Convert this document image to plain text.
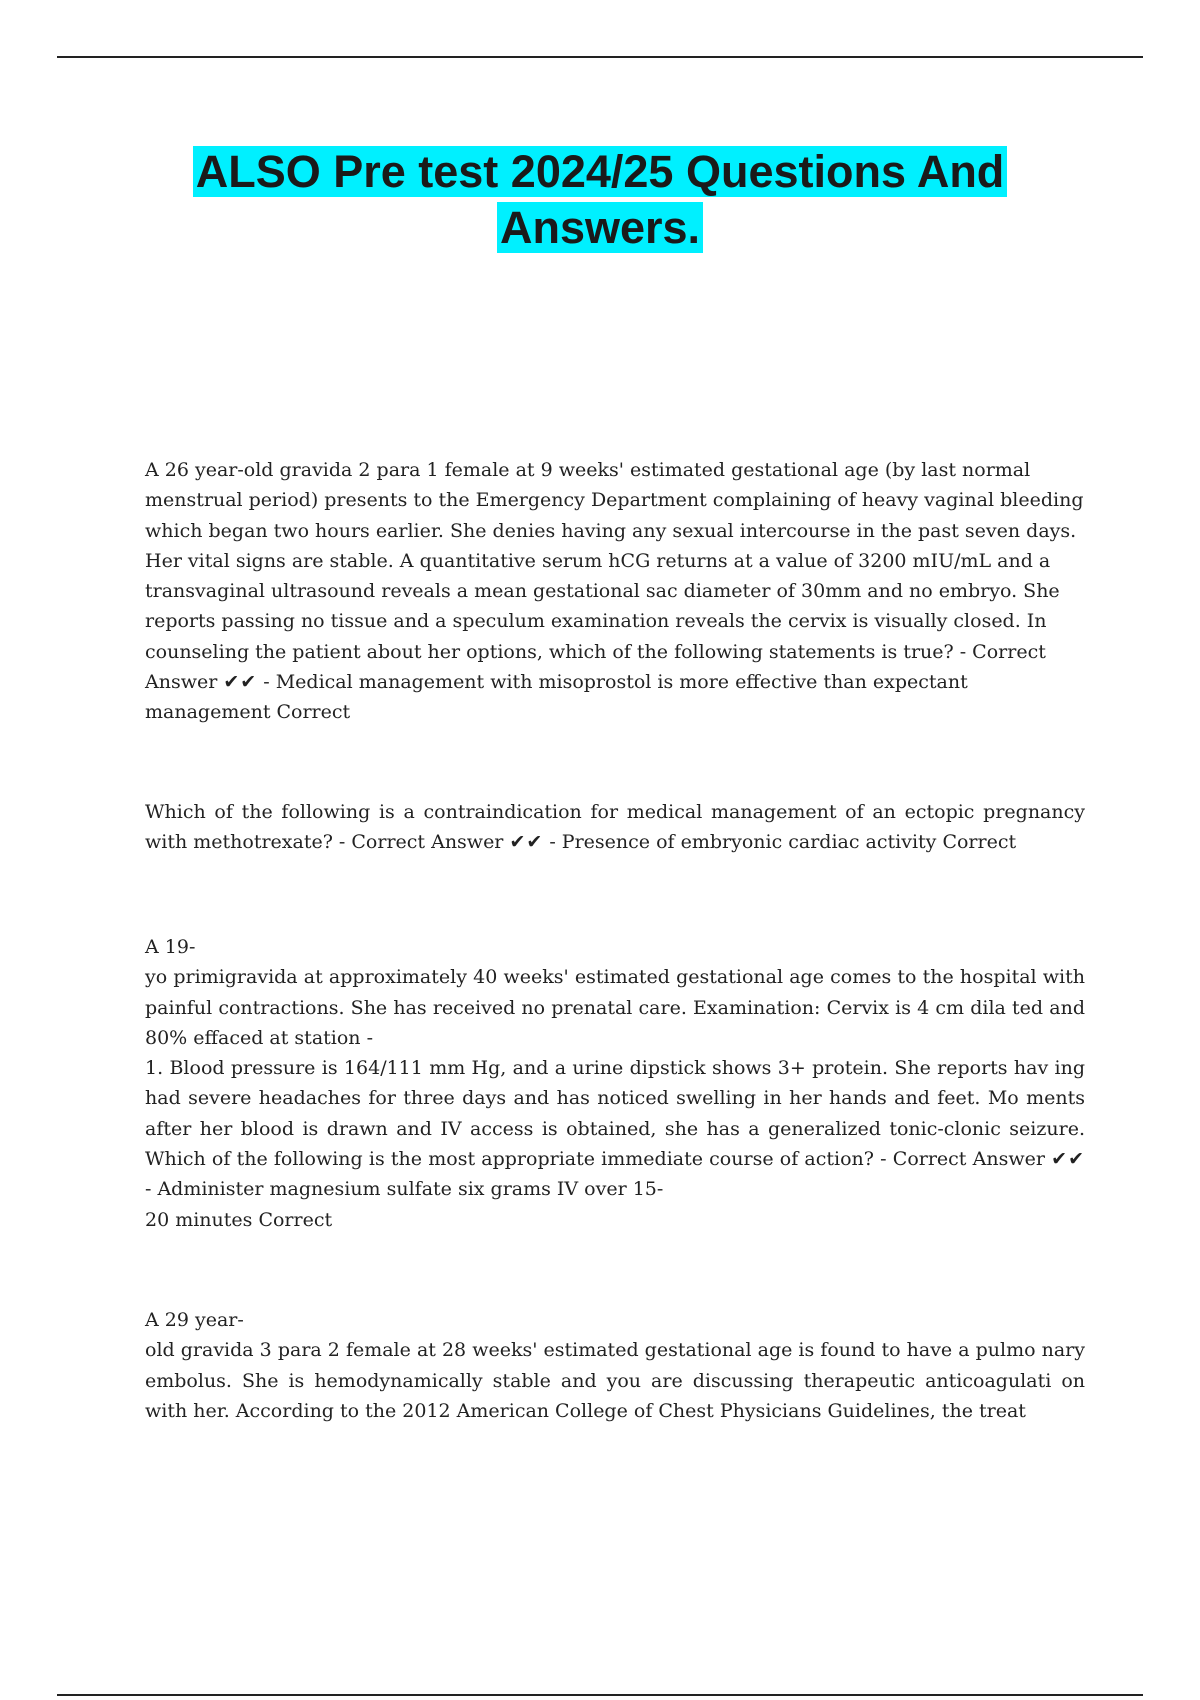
ALSO Pre test 2024/25 Questions And
Answers.
A 26 year-old gravida 2 para 1 female at 9 weeks' estimated gestational age (by last normal menstrual period) presents to the Emergency Department complaining of heavy vaginal bleeding which began two hours earlier. She denies having any sexual intercourse in the past seven days. Her vital signs are stable. A quantitative serum hCG returns at a value of 3200 mIU/mL and a transvaginal ultrasound reveals a mean gestational sac diameter of 30mm and no embryo. She reports passing no tissue and a speculum examination reveals the cervix is visually closed. In counseling the patient about her options, which of the following statements is true? - Correct Answer ✔✔ - Medical management with misoprostol is more effective than expectant management Correct
Which of the following is a contraindication for medical management of an ectopic pregnancy with methotrexate? - Correct Answer ✔✔ - Presence of embryonic cardiac activity Correct
A 19-
yo primigravida at approximately 40 weeks' estimated gestational age comes to the hospital with painful contractions. She has received no prenatal care. Examination: Cervix is 4 cm dila ted and 80% effaced at station -
1. Blood pressure is 164/111 mm Hg, and a urine dipstick shows 3+ protein. She reports hav ing had severe headaches for three days and has noticed swelling in her hands and feet. Mo ments after her blood is drawn and IV access is obtained, she has a generalized tonic-clonic seizure. Which of the following is the most appropriate immediate course of action? - Correct Answer ✔✔ - Administer magnesium sulfate six grams IV over 15-
20 minutes Correct
A 29 year-
old gravida 3 para 2 female at 28 weeks' estimated gestational age is found to have a pulmo nary embolus. She is hemodynamically stable and you are discussing therapeutic anticoagulati on with her. According to the 2012 American College of Chest Physicians Guidelines, the treat
